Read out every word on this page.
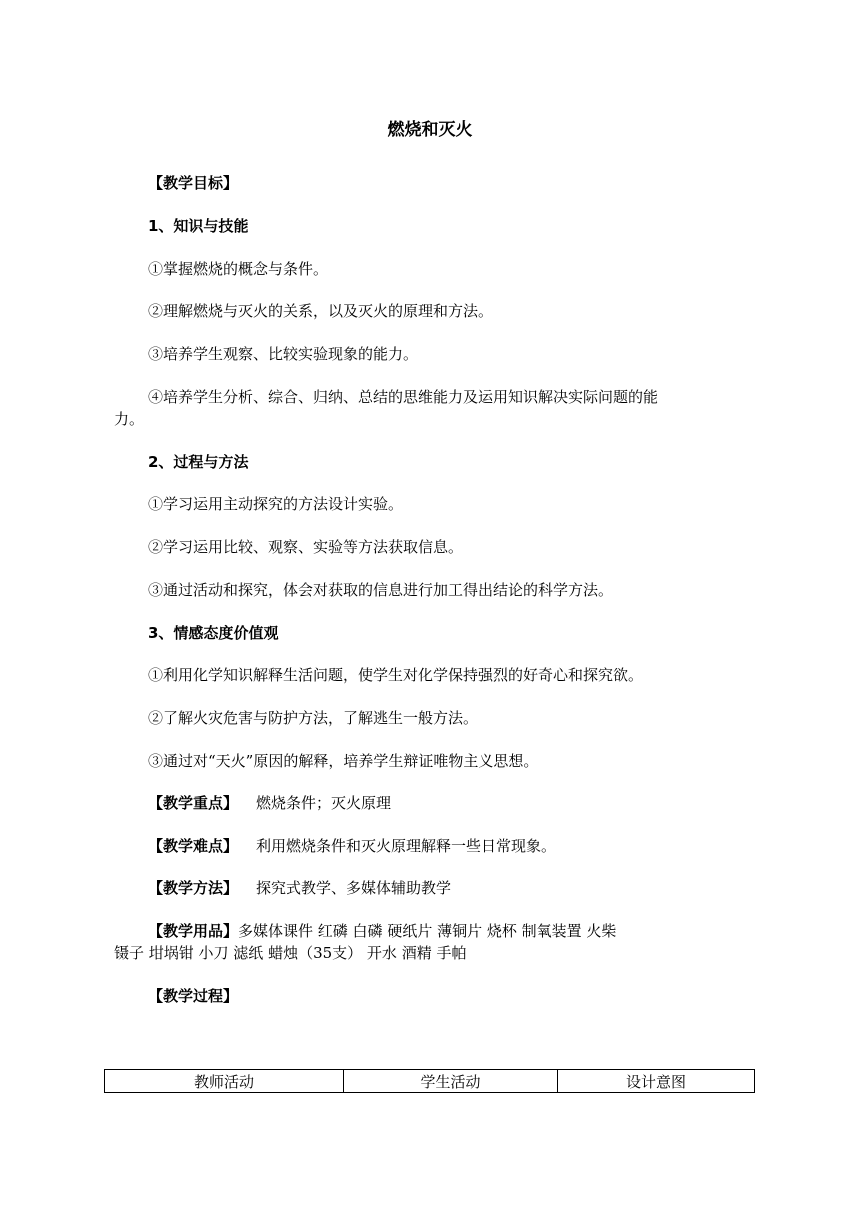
燃烧和灭火
【教学目标】
1、知识与技能
①掌握燃烧的概念与条件。
②理解燃烧与灭火的关系，以及灭火的原理和方法。
③培养学生观察、比较实验现象的能力。
④培养学生分析、综合、归纳、总结的思维能力及运用知识解决实际问题的能
力。
2、过程与方法
①学习运用主动探究的方法设计实验。
②学习运用比较、观察、实验等方法获取信息。
③通过活动和探究，体会对获取的信息进行加工得出结论的科学方法。
3、情感态度价值观
①利用化学知识解释生活问题，使学生对化学保持强烈的好奇心和探究欲。
②了解火灾危害与防护方法，了解逃生一般方法。
③通过对“天火”原因的解释，培养学生辩证唯物主义思想。
【教学重点】 燃烧条件；灭火原理
【教学难点】 利用燃烧条件和灭火原理解释一些日常现象。
【教学方法】 探究式教学、多媒体辅助教学
【教学用品】多媒体课件 红磷 白磷 硬纸片 薄铜片 烧杯 制氧装置 火柴
镊子 坩埚钳 小刀 滤纸 蜡烛（35支） 开水 酒精 手帕
【教学过程】
教师活动	学生活动	设计意图
